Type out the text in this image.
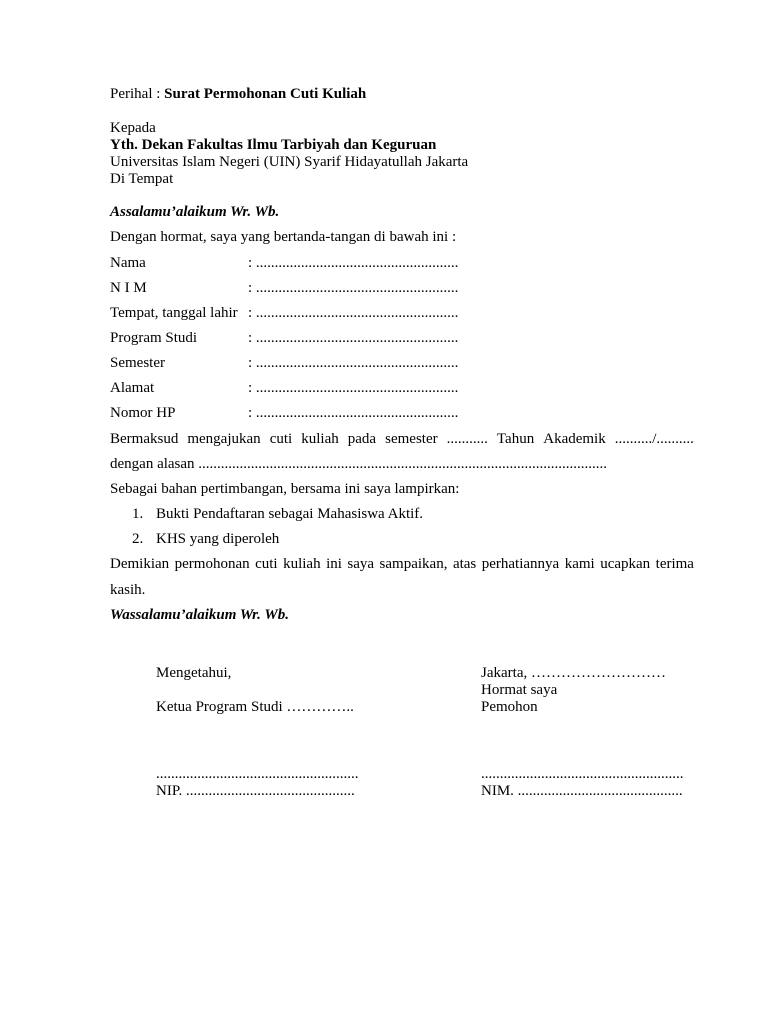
Perihal : Surat Permohonan Cuti Kuliah
Kepada
Yth. Dekan Fakultas Ilmu Tarbiyah dan Keguruan
Universitas Islam Negeri (UIN) Syarif Hidayatullah Jakarta
Di Tempat
Assalamu’alaikum Wr. Wb.
Dengan hormat, saya yang bertanda-tangan di bawah ini :
Nama	: ......................................................
N I M	: ......................................................
Tempat, tanggal lahir : ......................................................
Program Studi	: ......................................................
Semester	: ......................................................
Alamat	: ......................................................
Nomor HP	: ......................................................
Bermaksud mengajukan cuti kuliah pada semester ........... Tahun Akademik ........../..........
dengan alasan .............................................................................................................
Sebagai bahan pertimbangan, bersama ini saya lampirkan:
1. Bukti Pendaftaran sebagai Mahasiswa Aktif.
2. KHS yang diperoleh
Demikian permohonan cuti kuliah ini saya sampaikan, atas perhatiannya kami ucapkan terima
kasih.
Wassalamu’alaikum Wr. Wb.
Mengetahui,
Ketua Program Studi …………..
......................................................
NIP. .............................................
Jakarta, ………………………
Hormat saya
Pemohon
......................................................
NIM. ............................................
